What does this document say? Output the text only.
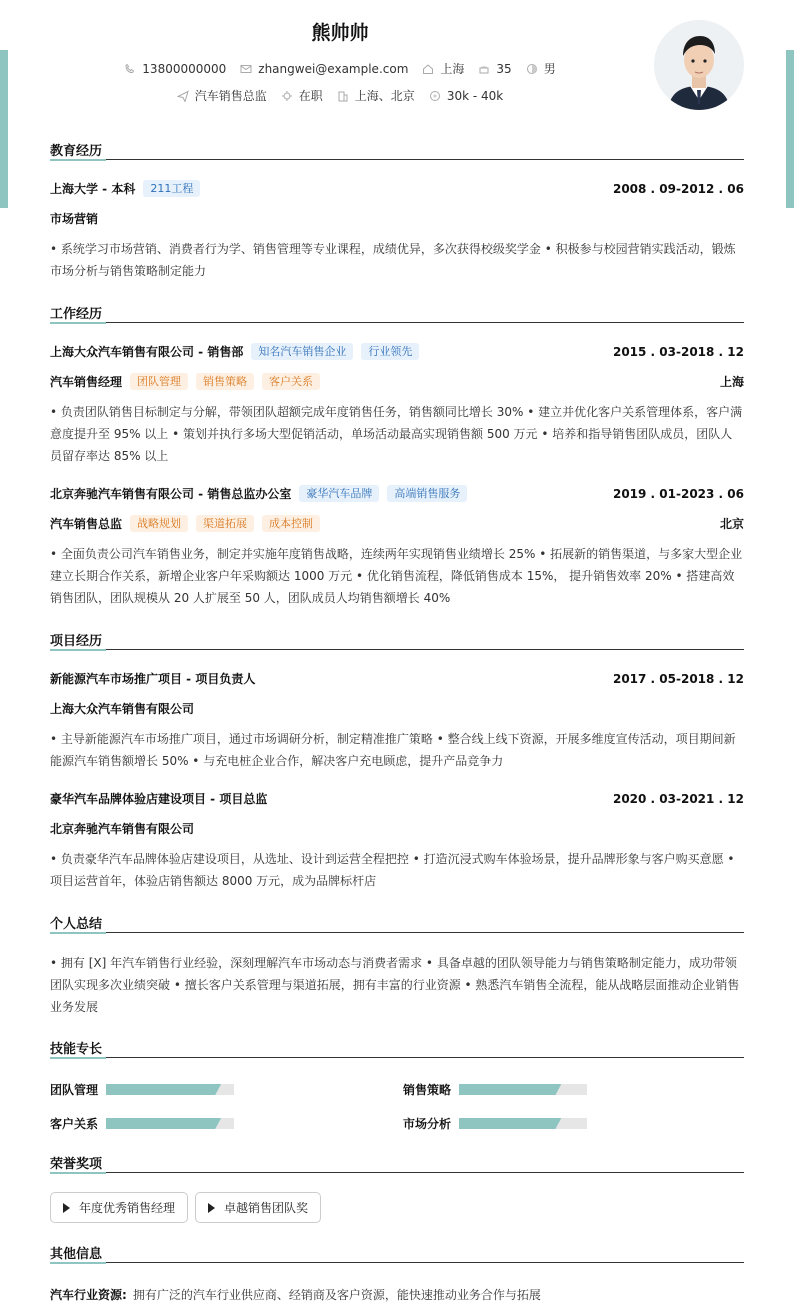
熊帅帅
13800000000	zhangwei@example.com	上海	35	男
汽车销售总监	在职	上海、北京	30k - 40k
教育经历
上海大学 - 本科	211工程	2008 . 09-2012 . 06
市场营销
• 系统学习市场营销、消费者行为学、销售管理等专业课程，成绩优异，多次获得校级奖学金 • 积极参与校园营销实践活动，锻炼市场分析与销售策略制定能力
工作经历
上海大众汽车销售有限公司 - 销售部	知名汽车销售企业	行业领先	2015 . 03-2018 . 12
汽车销售经理	团队管理	销售策略	客户关系	上海
• 负责团队销售目标制定与分解，带领团队超额完成年度销售任务，销售额同比增长 30% • 建立并优化客户关系管理体系，客户满意度提升至 95% 以上 • 策划并执行多场大型促销活动，单场活动最高实现销售额 500 万元 • 培养和指导销售团队成员，团队人员留存率达 85% 以上
北京奔驰汽车销售有限公司 - 销售总监办公室	豪华汽车品牌	高端销售服务	2019 . 01-2023 . 06
汽车销售总监	战略规划	渠道拓展	成本控制	北京
• 全面负责公司汽车销售业务，制定并实施年度销售战略，连续两年实现销售业绩增长 25% • 拓展新的销售渠道，与多家大型企业建立长期合作关系，新增企业客户年采购额达 1000 万元 • 优化销售流程，降低销售成本 15%， 提升销售效率 20% • 搭建高效销售团队，团队规模从 20 人扩展至 50 人，团队成员人均销售额增长 40%
项目经历
新能源汽车市场推广项目 - 项目负责人	2017 . 05-2018 . 12
上海大众汽车销售有限公司
• 主导新能源汽车市场推广项目，通过市场调研分析，制定精准推广策略 • 整合线上线下资源，开展多维度宣传活动，项目期间新能源汽车销售额增长 50% • 与充电桩企业合作，解决客户充电顾虑，提升产品竞争力
豪华汽车品牌体验店建设项目 - 项目总监	2020 . 03-2021 . 12
北京奔驰汽车销售有限公司
• 负责豪华汽车品牌体验店建设项目，从选址、设计到运营全程把控 • 打造沉浸式购车体验场景，提升品牌形象与客户购买意愿 • 项目运营首年，体验店销售额达 8000 万元，成为品牌标杆店
个人总结
• 拥有 [X] 年汽车销售行业经验，深刻理解汽车市场动态与消费者需求 • 具备卓越的团队领导能力与销售策略制定能力，成功带领团队实现多次业绩突破 • 擅长客户关系管理与渠道拓展，拥有丰富的行业资源 • 熟悉汽车销售全流程，能从战略层面推动企业销售业务发展
技能专长
团队管理	销售策略
客户关系	市场分析
荣誉奖项
年度优秀销售经理	卓越销售团队奖
其他信息
汽车行业资源: 拥有广泛的汽车行业供应商、经销商及客户资源，能快速推动业务合作与拓展
